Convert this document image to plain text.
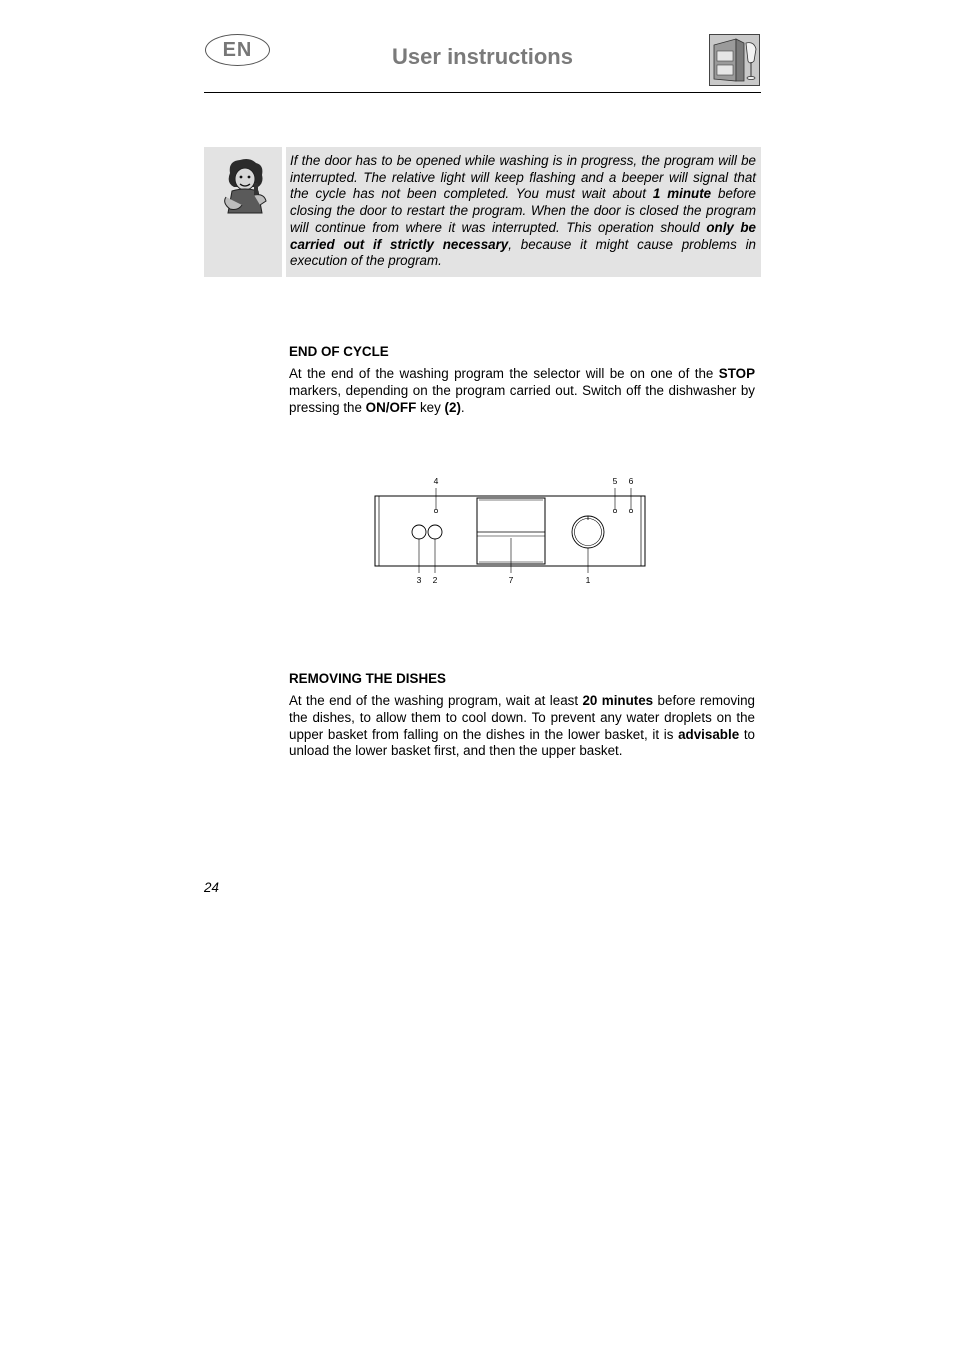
EN	User instructions
If the door has to be opened while washing is in progress, the program will be interrupted. The relative light will keep flashing and a beeper will signal that the cycle has not been completed. You must wait about 1 minute before closing the door to restart the program. When the door is closed the program will continue from where it was interrupted. This operation should only be carried out if strictly necessary, because it might cause problems in execution of the program.
END OF CYCLE
At the end of the washing program the selector will be on one of the STOP markers, depending on the program carried out. Switch off the dishwasher by pressing the ON/OFF key (2).
4	5 6
3 2	7	1
REMOVING THE DISHES
At the end of the washing program, wait at least 20 minutes before removing the dishes, to allow them to cool down. To prevent any water droplets on the upper basket from falling on the dishes in the lower basket, it is advisable to unload the lower basket first, and then the upper basket.
24
